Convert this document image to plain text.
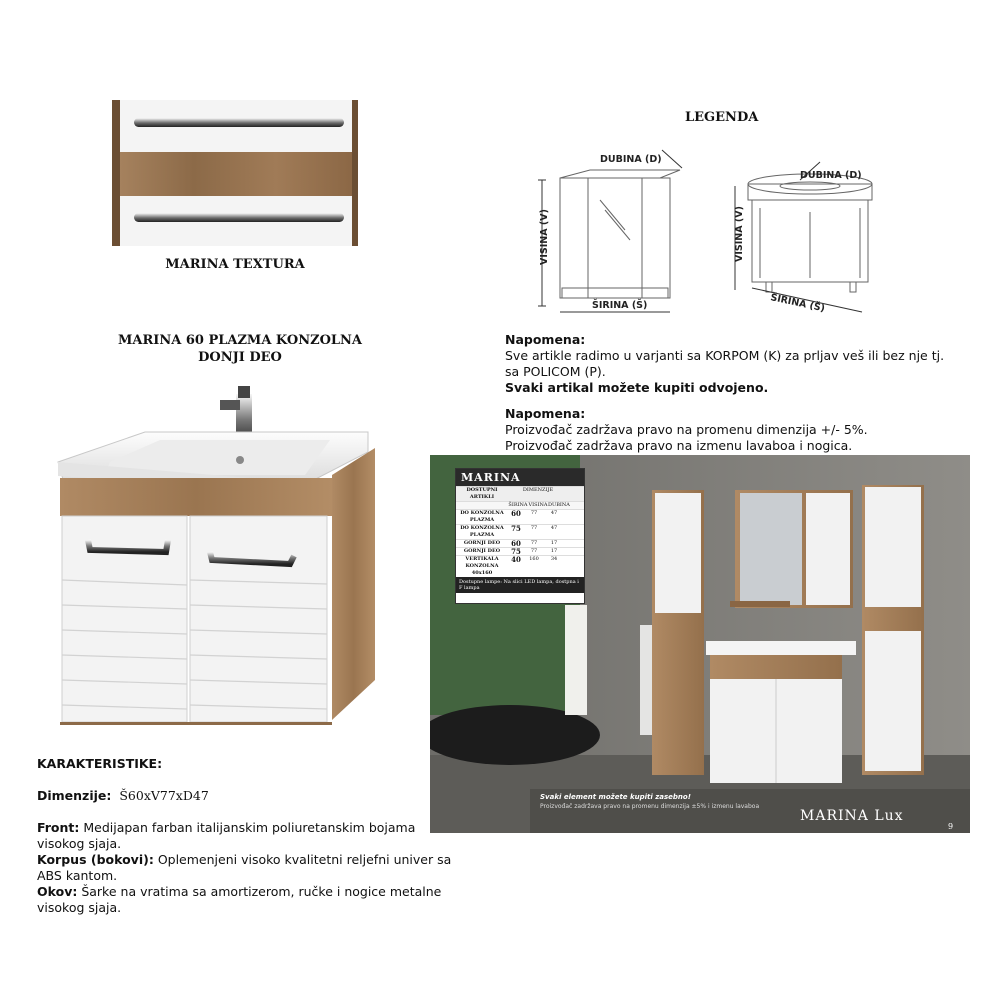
MARINA TEXTURA
MARINA 60 PLAZMA KONZOLNA
DONJI DEO
LEGENDA
VISINA (V)
ŠIRINA (Š)
DUBINA (D)
VISINA (V)
ŠIRINA (Š)
DUBINA (D)
Napomena:
Sve artikle radimo u varjanti sa KORPOM (K) za prljav veš ili bez nje tj.
sa POLICOM (P).
Svaki artikal možete kupiti odvojeno.
Napomena:
Proizvođač zadržava pravo na promenu dimenzija +/- 5%.
Proizvođač zadržava pravo na izmenu lavaboa i nogica.
MARINA
DOSTUPNI ARTIKLI
DIMENZIJE
ŠIRINA VISINA DUBINA
DO KONZOLNA PLAZMA
60	77	47
DO KONZOLNA PLAZMA
75	77	47
GORNJI DEO	60	77	17
GORNJI DEO	75	77	17
VERTIKALA KONZOLNA 40x160
40	160	34
Dostupne lampe: Na slici LED lampa, dostpna i F lampa
Svaki element možete kupiti zasebno!
Proizvođač zadržava pravo na promenu dimenzija ±5% i izmenu lavaboa
MARINA Lux
9
KARAKTERISTIKE:
Dimenzije: Š60xV77xD47
Front: Medijapan farban italijanskim poliuretanskim bojama
visokog sjaja.
Korpus (bokovi): Oplemenjeni visoko kvalitetni reljefni univer sa
ABS kantom.
Okov: Šarke na vratima sa amortizerom, ručke i nogice metalne
visokog sjaja.
